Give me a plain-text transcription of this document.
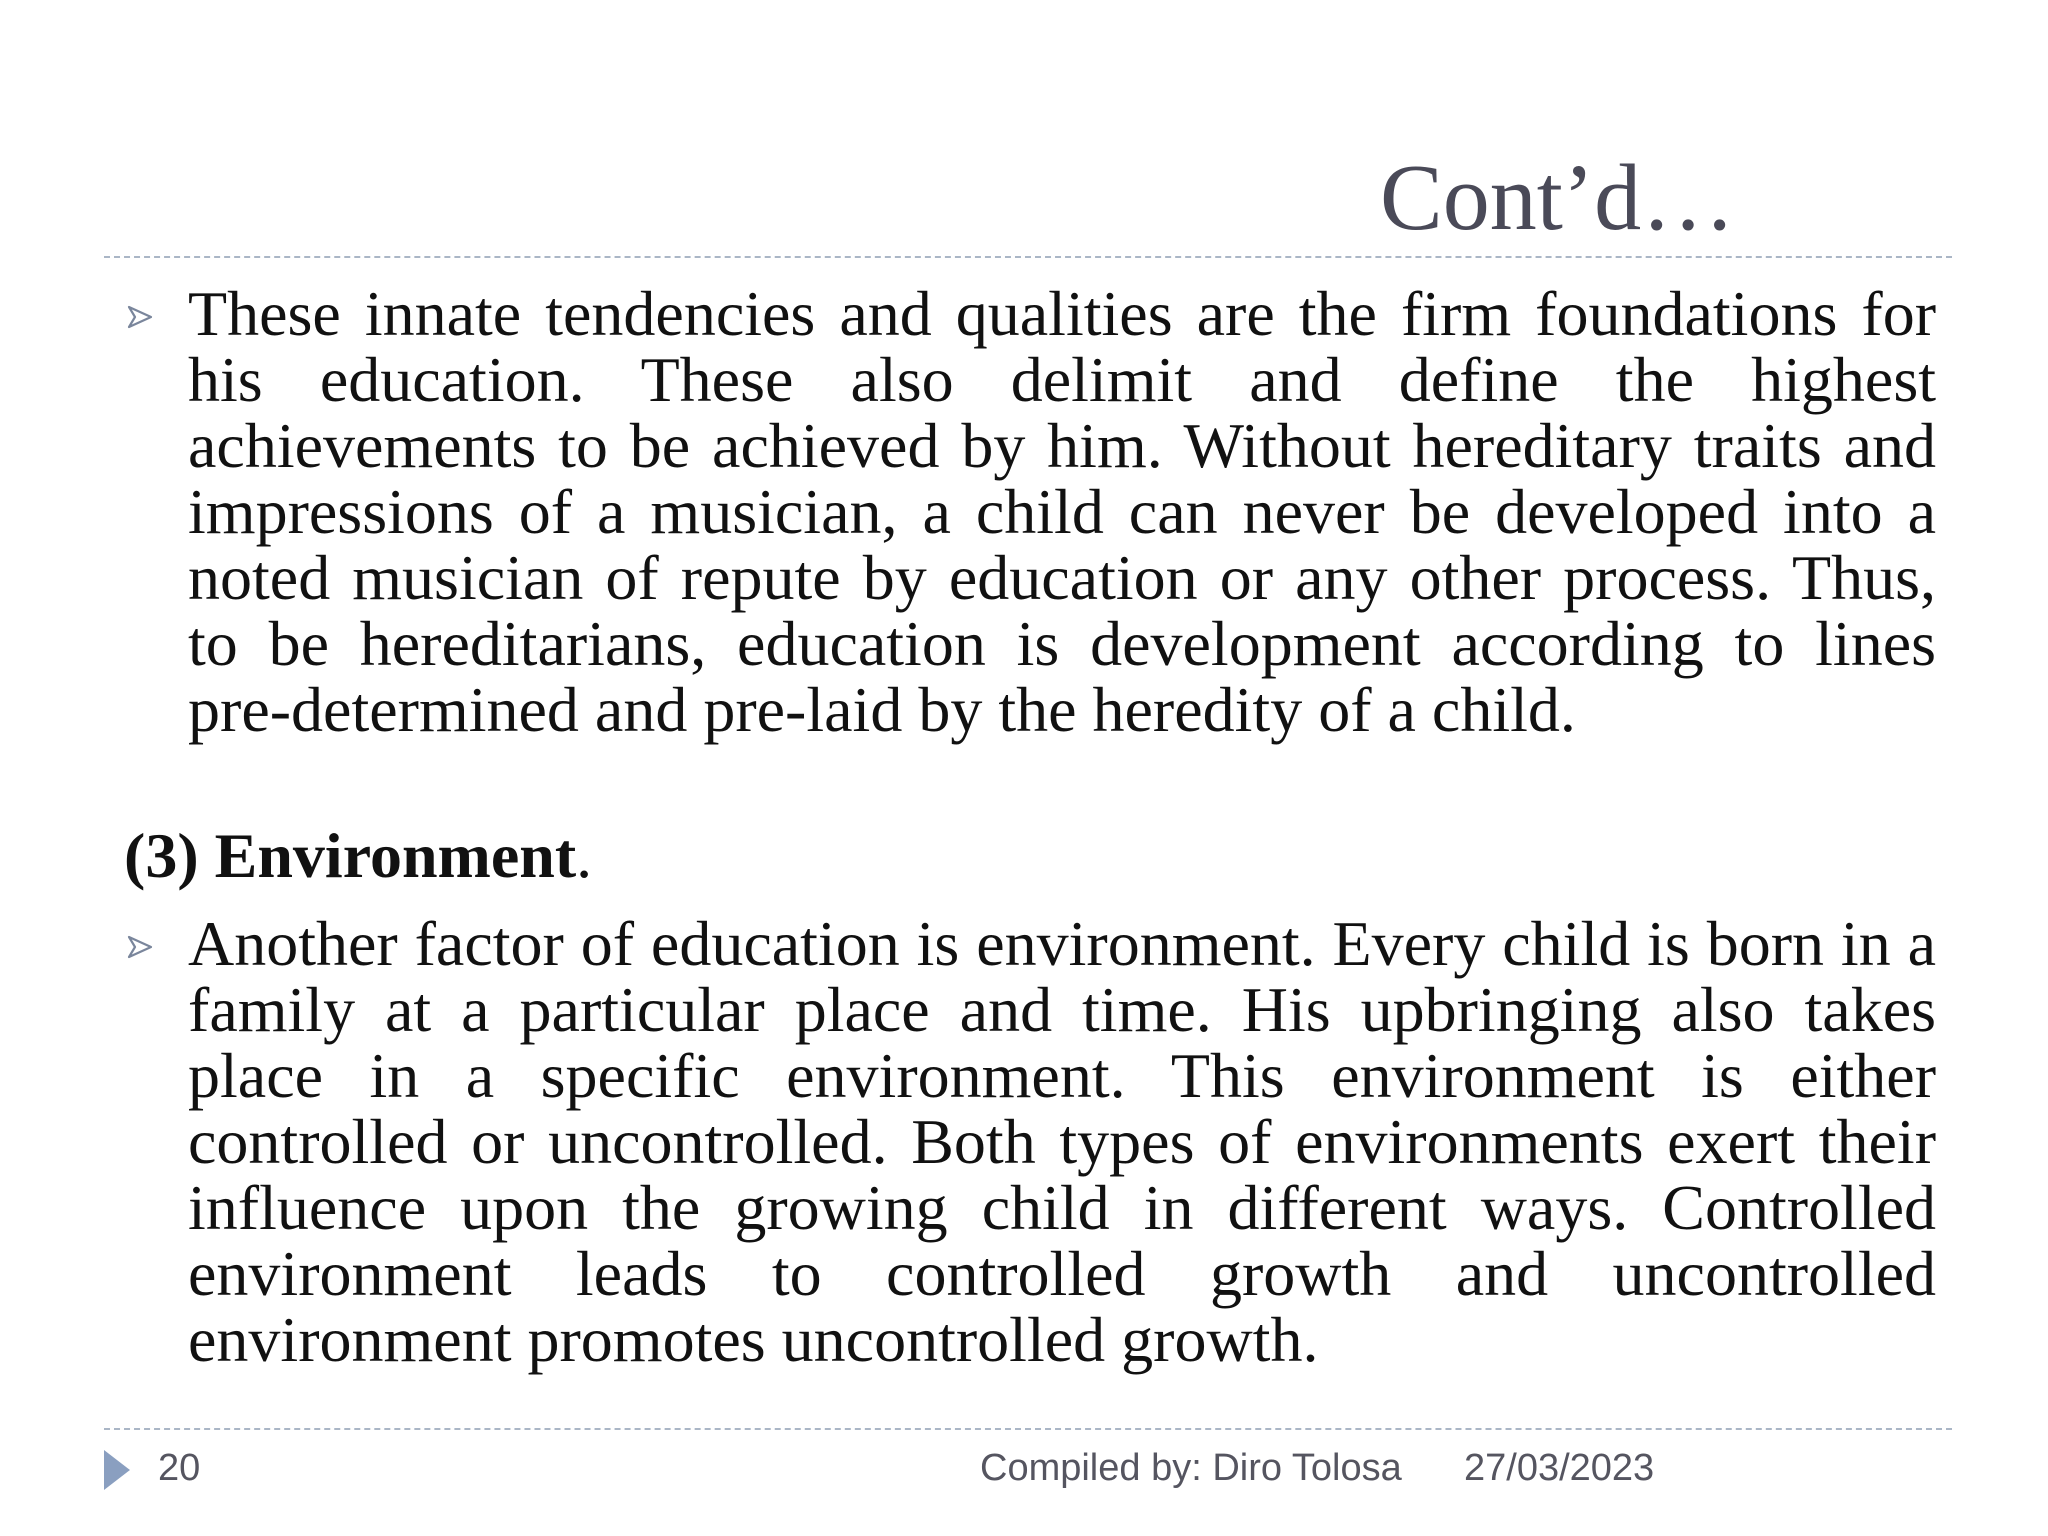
Cont’d…
These innate tendencies and qualities are the firm foundations for his education. These also delimit and define the highest achievements to be achieved by him. Without hereditary traits and impressions of a musician, a child can never be developed into a noted musician of repute by education or any other process. Thus, to be hereditarians, education is development according to lines pre-determined and pre-laid by the heredity of a child.
(3) Environment.
Another factor of education is environment. Every child is born in a family at a particular place and time. His upbringing also takes place in a specific environment. This environment is either controlled or uncontrolled. Both types of environments exert their influence upon the growing child in different ways. Controlled environment leads to controlled growth and uncontrolled environment promotes uncontrolled growth.
20	Compiled by: Diro Tolosa 27/03/2023
